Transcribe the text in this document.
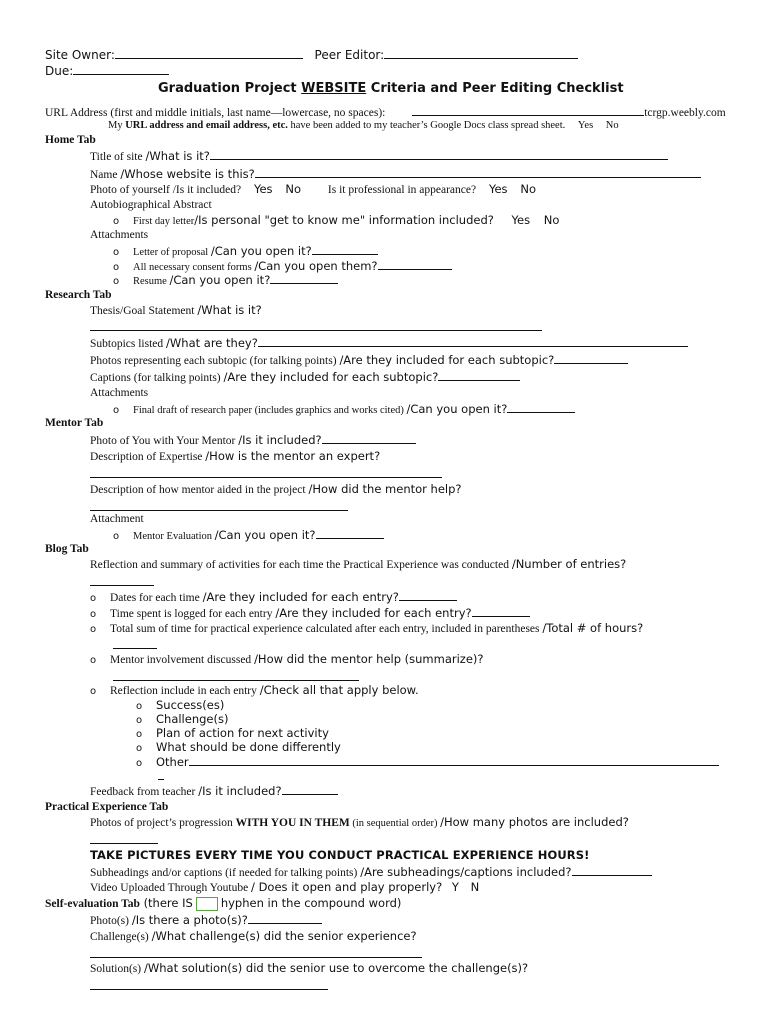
Site Owner:	Peer Editor:
Due:
Graduation Project WEBSITE Criteria and Peer Editing Checklist
URL Address (first and middle initials, last name—lowercase, no spaces):	tcrgp.weebly.com
My URL address and email address, etc. have been added to my teacher’s Google Docs class spread sheet. Yes No
Home Tab
Title of site /What is it?
Name /Whose website is this?
Photo of yourself /Is it included? Yes No Is it professional in appearance? Yes No
Autobiographical Abstract
o First day letter/Is personal "get to know me" information included? Yes No
Attachments
o Letter of proposal /Can you open it?
o All necessary consent forms /Can you open them?
o Resume /Can you open it?
Research Tab
Thesis/Goal Statement /What is it?
Subtopics listed /What are they?
Photos representing each subtopic (for talking points) /Are they included for each subtopic?
Captions (for talking points) /Are they included for each subtopic?
Attachments
o Final draft of research paper (includes graphics and works cited) /Can you open it?
Mentor Tab
Photo of You with Your Mentor /Is it included?
Description of Expertise /How is the mentor an expert?
Description of how mentor aided in the project /How did the mentor help?
Attachment
o Mentor Evaluation /Can you open it?
Blog Tab
Reflection and summary of activities for each time the Practical Experience was conducted /Number of entries?
o Dates for each time /Are they included for each entry?
o Time spent is logged for each entry /Are they included for each entry?
o Total sum of time for practical experience calculated after each entry, included in parentheses /Total # of hours?
o Mentor involvement discussed /How did the mentor help (summarize)?
o Reflection include in each entry /Check all that apply below.
o Success(es)
o Challenge(s)
o Plan of action for next activity
o What should be done differently
o Other
Feedback from teacher /Is it included?
Practical Experience Tab
Photos of project’s progression WITH YOU IN THEM (in sequential order) /How many photos are included?
TAKE PICTURES EVERY TIME YOU CONDUCT PRACTICAL EXPERIENCE HOURS!
Subheadings and/or captions (if needed for talking points) /Are subheadings/captions included?
Video Uploaded Through Youtube / Does it open and play properly? Y N
Self-evaluation Tab (there IS hyphen in the compound word)
Photo(s) /Is there a photo(s)?
Challenge(s) /What challenge(s) did the senior experience?
Solution(s) /What solution(s) did the senior use to overcome the challenge(s)?
